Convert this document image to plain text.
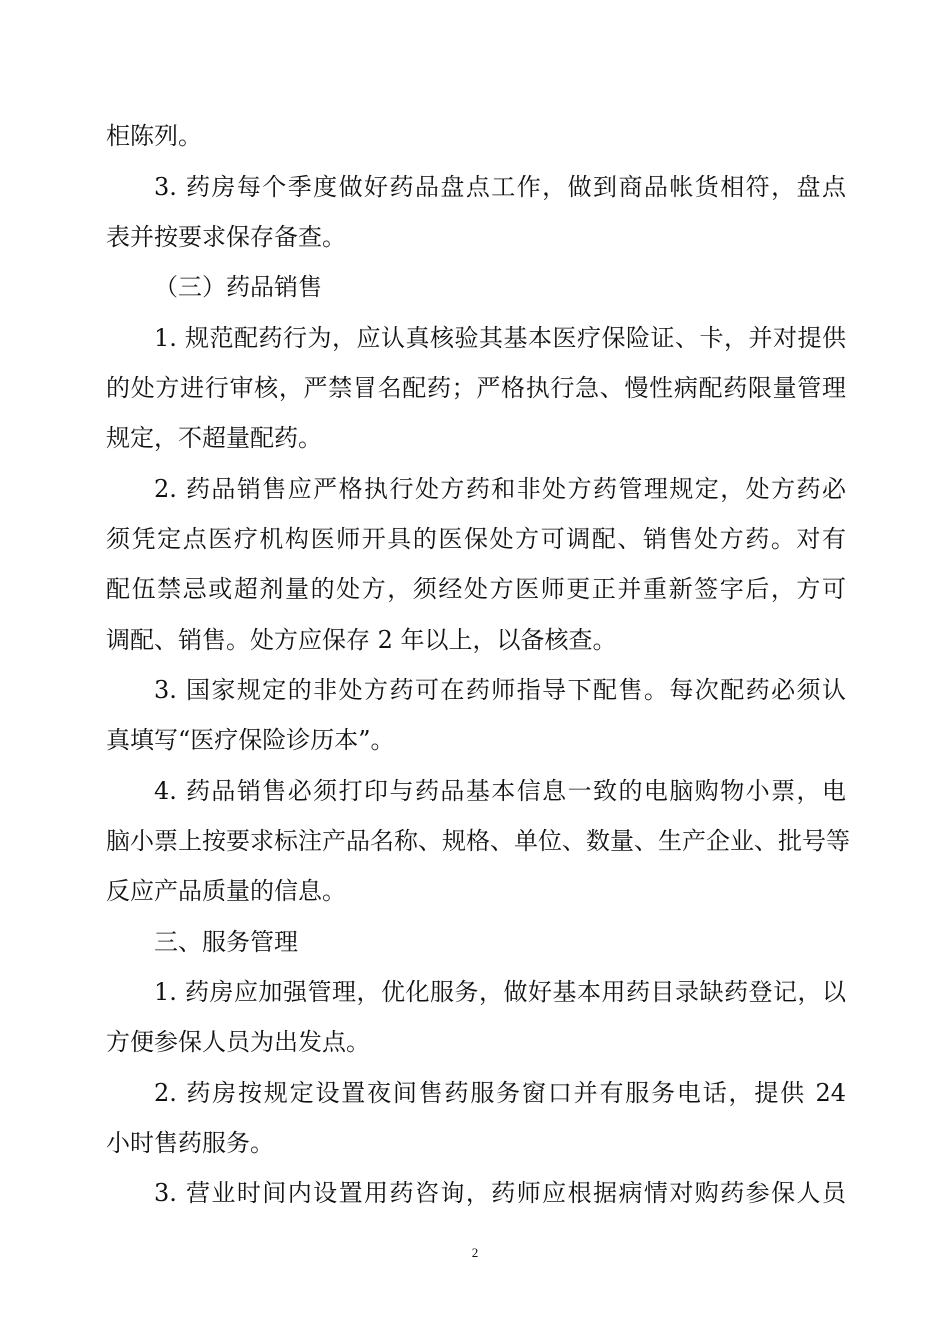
柜陈列。
3. 药房每个季度做好药品盘点工作，做到商品帐货相符，盘点
表并按要求保存备查。
（三）药品销售
1. 规范配药行为，应认真核验其基本医疗保险证、卡，并对提供
的处方进行审核，严禁冒名配药；严格执行急、慢性病配药限量管理
规定，不超量配药。
2. 药品销售应严格执行处方药和非处方药管理规定，处方药必
须凭定点医疗机构医师开具的医保处方可调配、销售处方药。对有
配伍禁忌或超剂量的处方，须经处方医师更正并重新签字后，方可
调配、销售。处方应保存 2 年以上，以备核查。
3. 国家规定的非处方药可在药师指导下配售。每次配药必须认
真填写“医疗保险诊历本”。
4. 药品销售必须打印与药品基本信息一致的电脑购物小票，电
脑小票上按要求标注产品名称、规格、单位、数量、生产企业、批号等
反应产品质量的信息。
三、服务管理
1. 药房应加强管理，优化服务，做好基本用药目录缺药登记，以
方便参保人员为出发点。
2. 药房按规定设置夜间售药服务窗口并有服务电话，提供 24
小时售药服务。
3. 营业时间内设置用药咨询，药师应根据病情对购药参保人员
2
